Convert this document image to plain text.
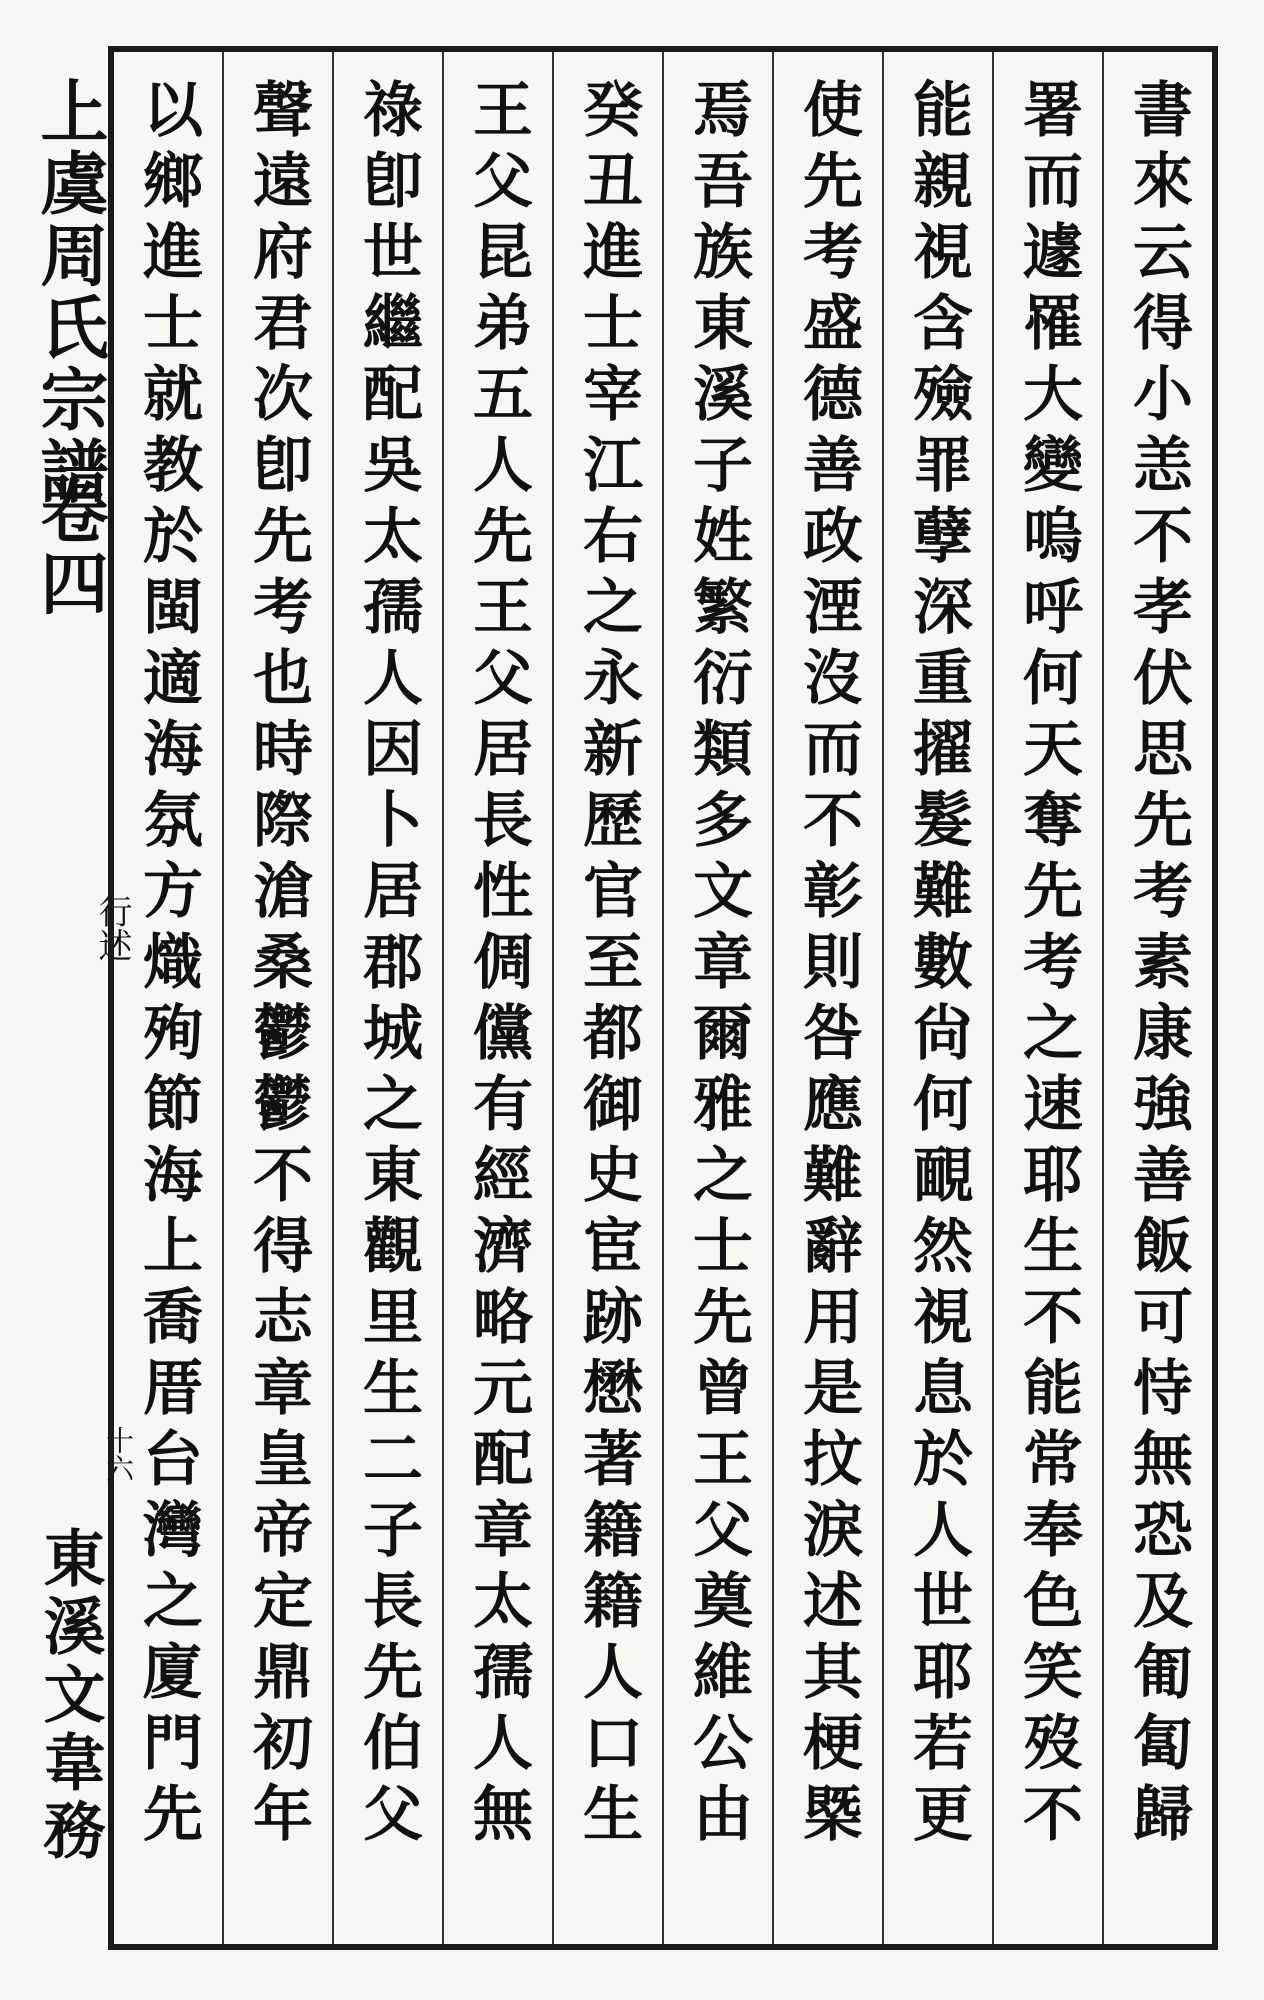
上虞周氏宗譜
卷四
行述
十六
東溪文韋務	書來云得小恙不孝伏思先考素康強善飯可恃無恐及匍匐歸
署而遽罹大變嗚呼何天奪先考之速耶生不能常奉色笑歿不
能親視含殮罪孽深重擢髮難數尙何靦然視息於人世耶若更
使先考盛德善政湮沒而不彰則咎應難辭用是抆淚述其梗槩
焉吾族東溪子姓繁衍類多文章爾雅之士先曾王父奠維公由
癸丑進士宰江右之永新歷官至都御史宦跡懋著籍籍人口生
王父昆弟五人先王父居長性倜儻有經濟略元配章太孺人無
祿卽世繼配吳太孺人因卜居郡城之東觀里生二子長先伯父
聲遠府君次卽先考也時際滄桑鬱鬱不得志章皇帝定鼎初年
以鄉進士就教於閩適海氛方熾殉節海上喬厝台灣之廈門先
